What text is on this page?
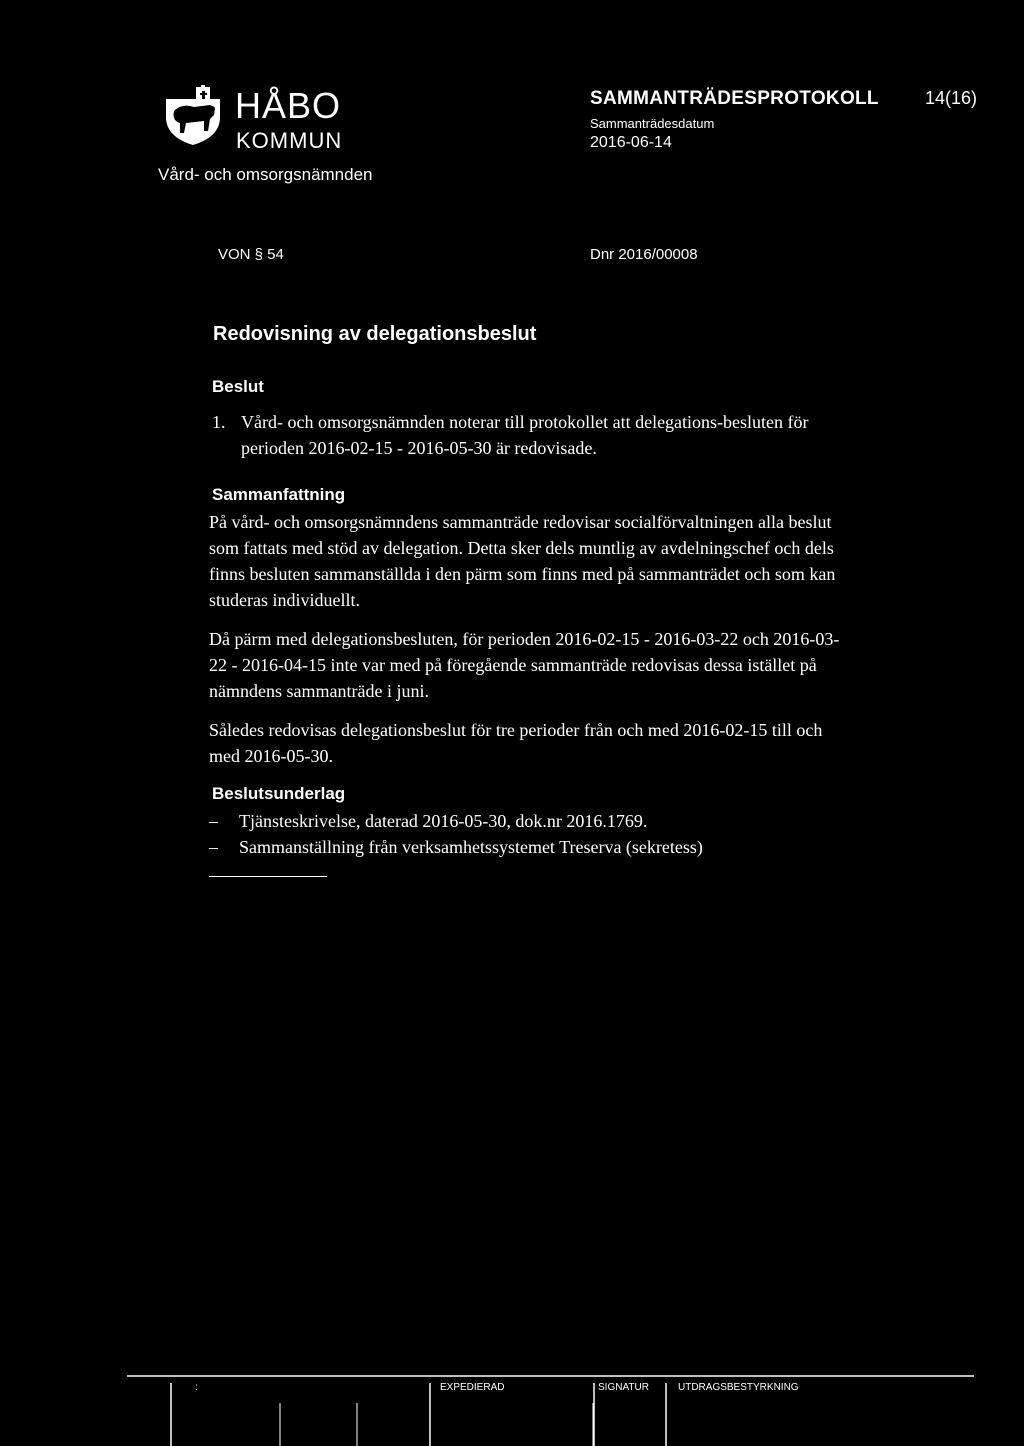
HÅBO
KOMMUN
Vård- och omsorgsnämnden
SAMMANTRÄDESPROTOKOLL	14(16)
Sammanträdesdatum
2016-06-14
VON § 54	Dnr 2016/00008
Redovisning av delegationsbeslut
Beslut
1. Vård- och omsorgsnämnden noterar till protokollet att delegations-besluten för perioden 2016-02-15 - 2016-05-30 är redovisade.
Sammanfattning
På vård- och omsorgsnämndens sammanträde redovisar socialförvaltningen alla beslut som fattats med stöd av delegation. Detta sker dels muntlig av avdelningschef och dels finns besluten sammanställda i den pärm som finns med på sammanträdet och som kan studeras individuellt.
Då pärm med delegationsbesluten, för perioden 2016-02-15 - 2016-03-22 och 2016-03-22 - 2016-04-15 inte var med på föregående sammanträde redovisas dessa istället på nämndens sammanträde i juni.
Således redovisas delegationsbeslut för tre perioder från och med 2016-02-15 till och med 2016-05-30.
Beslutsunderlag
– Tjänsteskrivelse, daterad 2016-05-30, dok.nr 2016.1769.
– Sammanställning från verksamhetssystemet Treserva (sekretess)
:	EXPEDIERAD	SIGNATUR	UTDRAGSBESTYRKNING
